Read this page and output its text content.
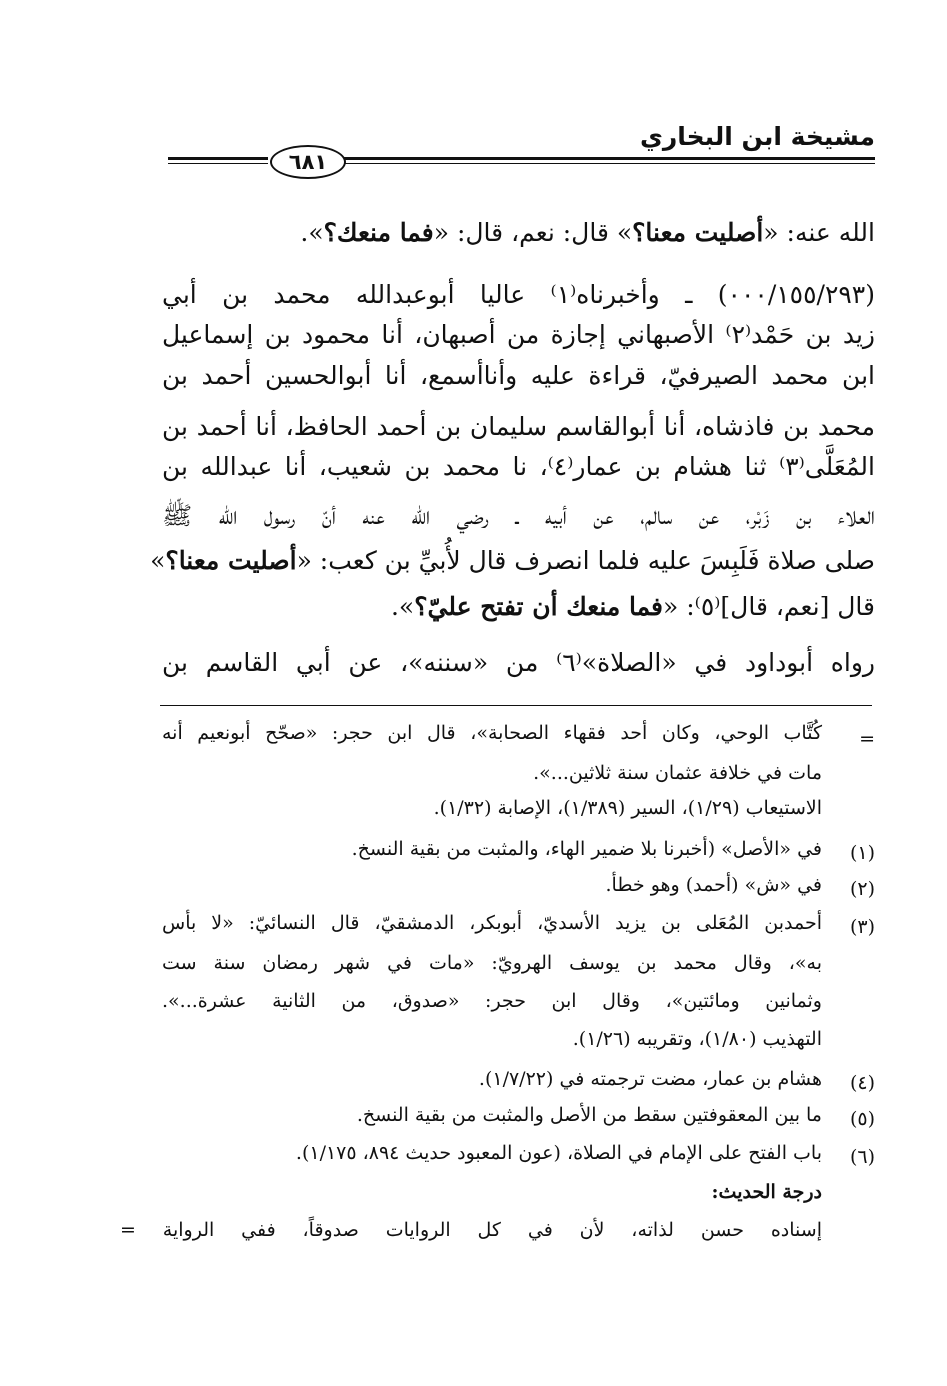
مشيخة ابن البخاري
٦٨١
الله عنه: «أصليت معنا؟» قال: نعم، قال: «فما منعك؟».
(٠٠٠/١٥٥/٢٩٣) ـ وأخبرناه⁽١⁾ عاليا أبوعبدالله محمد بن أبي
زيد بن حَمْد⁽٢⁾ الأصبهاني إجازة من أصبهان، أنا محمود بن إسماعيل
ابن محمد الصيرفيّ، قراءة عليه وأناأسمع، أنا أبوالحسين أحمد بن
محمد بن فاذشاه، أنا أبوالقاسم سليمان بن أحمد الحافظ، أنا أحمد بن
المُعَلَّى⁽٣⁾ ثنا هشام بن عمار⁽٤⁾، نا محمد بن شعيب، أنا عبدالله بن
العلاء بن زَبْر، عن سالم، عن أبيه ـ رضي الله عنه أنّ رسول الله ﷺ
صلى صلاة فَلَبِسَ عليه فلما انصرف قال لأُبيِّ بن كعب: «أصليت معنا؟»
قال [نعم، قال]⁽٥⁾: «فما منعك أن تفتح عليّ؟».
رواه أبوداود في «الصلاة»⁽٦⁾ من «سننه»، عن أبي القاسم بن
=
كُتَّاب الوحي، وكان أحد فقهاء الصحابة»، قال ابن حجر: «صحّح أبونعيم أنه
مات في خلافة عثمان سنة ثلاثين...».
الاستيعاب (١/٢٩)، السير (١/٣٨٩)، الإصابة (١/٣٢).
(١)
في «الأصل» (أخبرنا بلا ضمير الهاء، والمثبت من بقية النسخ.
(٢)
في «ش» (أحمد) وهو خطأ.
(٣)
أحمدبن المُعَلى بن يزيد الأسديّ، أبوبكر، الدمشقيّ، قال النسائيّ: «لا بأس
به»، وقال محمد بن يوسف الهرويّ: «مات في شهر رمضان سنة ست
وثمانين ومائتين»، وقال ابن حجر: «صدوق، من الثانية عشرة...».
التهذيب (١/٨٠)، وتقريبه (١/٢٦).
(٤)
هشام بن عمار، مضت ترجمته في (١/٧/٢٢).
(٥)
ما بين المعقوفتين سقط من الأصل والمثبت من بقية النسخ.
(٦)
باب الفتح على الإمام في الصلاة، (عون المعبود حديث ٨٩٤، ١/١٧٥).
درجة الحديث:
إسناده حسن لذاته، لأن في كل الروايات صدوقاً، ففي الرواية =
